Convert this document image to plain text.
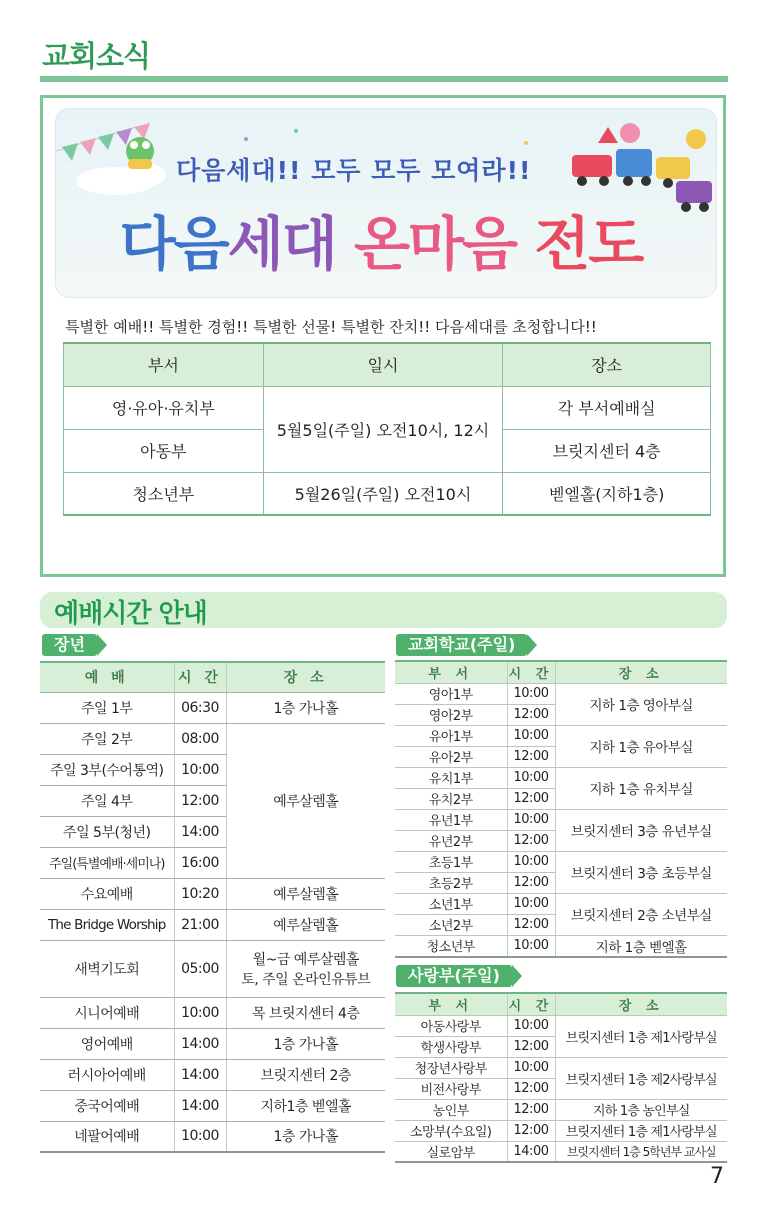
교회소식
다음세대!! 모두 모두 모여라!!
다음세대 온마음 전도
특별한 예배!! 특별한 경험!! 특별한 선물! 특별한 잔치!! 다음세대를 초청합니다!!
부서	일시	장소
영·유아·유치부	5월5일(주일) 오전10시, 12시	각 부서예배실
아동부		브릿지센터 4층
청소년부	5월26일(주일) 오전10시	벧엘홀(지하1층)
예배시간 안내
장년	교회학교(주일)
사랑부(주일)
예 배	시 간	장 소
주일 1부	06:30	1층 가나홀
주일 2부	08:00	예루살렘홀
주일 3부(수어통역)	10:00	
주일 4부	12:00	
주일 5부(청년)	14:00	
주일(특별예배·세미나)	16:00	
수요예배	10:20	예루살렘홀
The Bridge Worship	21:00	예루살렘홀
새벽기도회	05:00	월~금 예루살렘홀
토, 주일 온라인유튜브

시니어예배	10:00	목 브릿지센터 4층
영어예배	14:00	1층 가나홀
러시아어예배	14:00	브릿지센터 2층
중국어예배	14:00	지하1층 벧엘홀
네팔어예배	10:00	1층 가나홀
부 서	시 간	장 소
영아1부	10:00	지하 1층 영아부실
영아2부	12:00	
유아1부	10:00	지하 1층 유아부실
유아2부	12:00	
유치1부	10:00	지하 1층 유치부실
유치2부	12:00	
유년1부	10:00	브릿지센터 3층 유년부실
유년2부	12:00	
초등1부	10:00	브릿지센터 3층 초등부실
초등2부	12:00	
소년1부	10:00	브릿지센터 2층 소년부실
소년2부	12:00	
청소년부	10:00	지하 1층 벧엘홀
부 서	시 간	장 소
아동사랑부	10:00	브릿지센터 1층 제1사랑부실
학생사랑부	12:00	
청장년사랑부	10:00	브릿지센터 1층 제2사랑부실
비전사랑부	12:00	
농인부	12:00	지하 1층 농인부실
소망부(수요일)	12:00	브릿지센터 1층 제1사랑부실
실로암부	14:00	브릿지센터 1층 5학년부 교사실
7
